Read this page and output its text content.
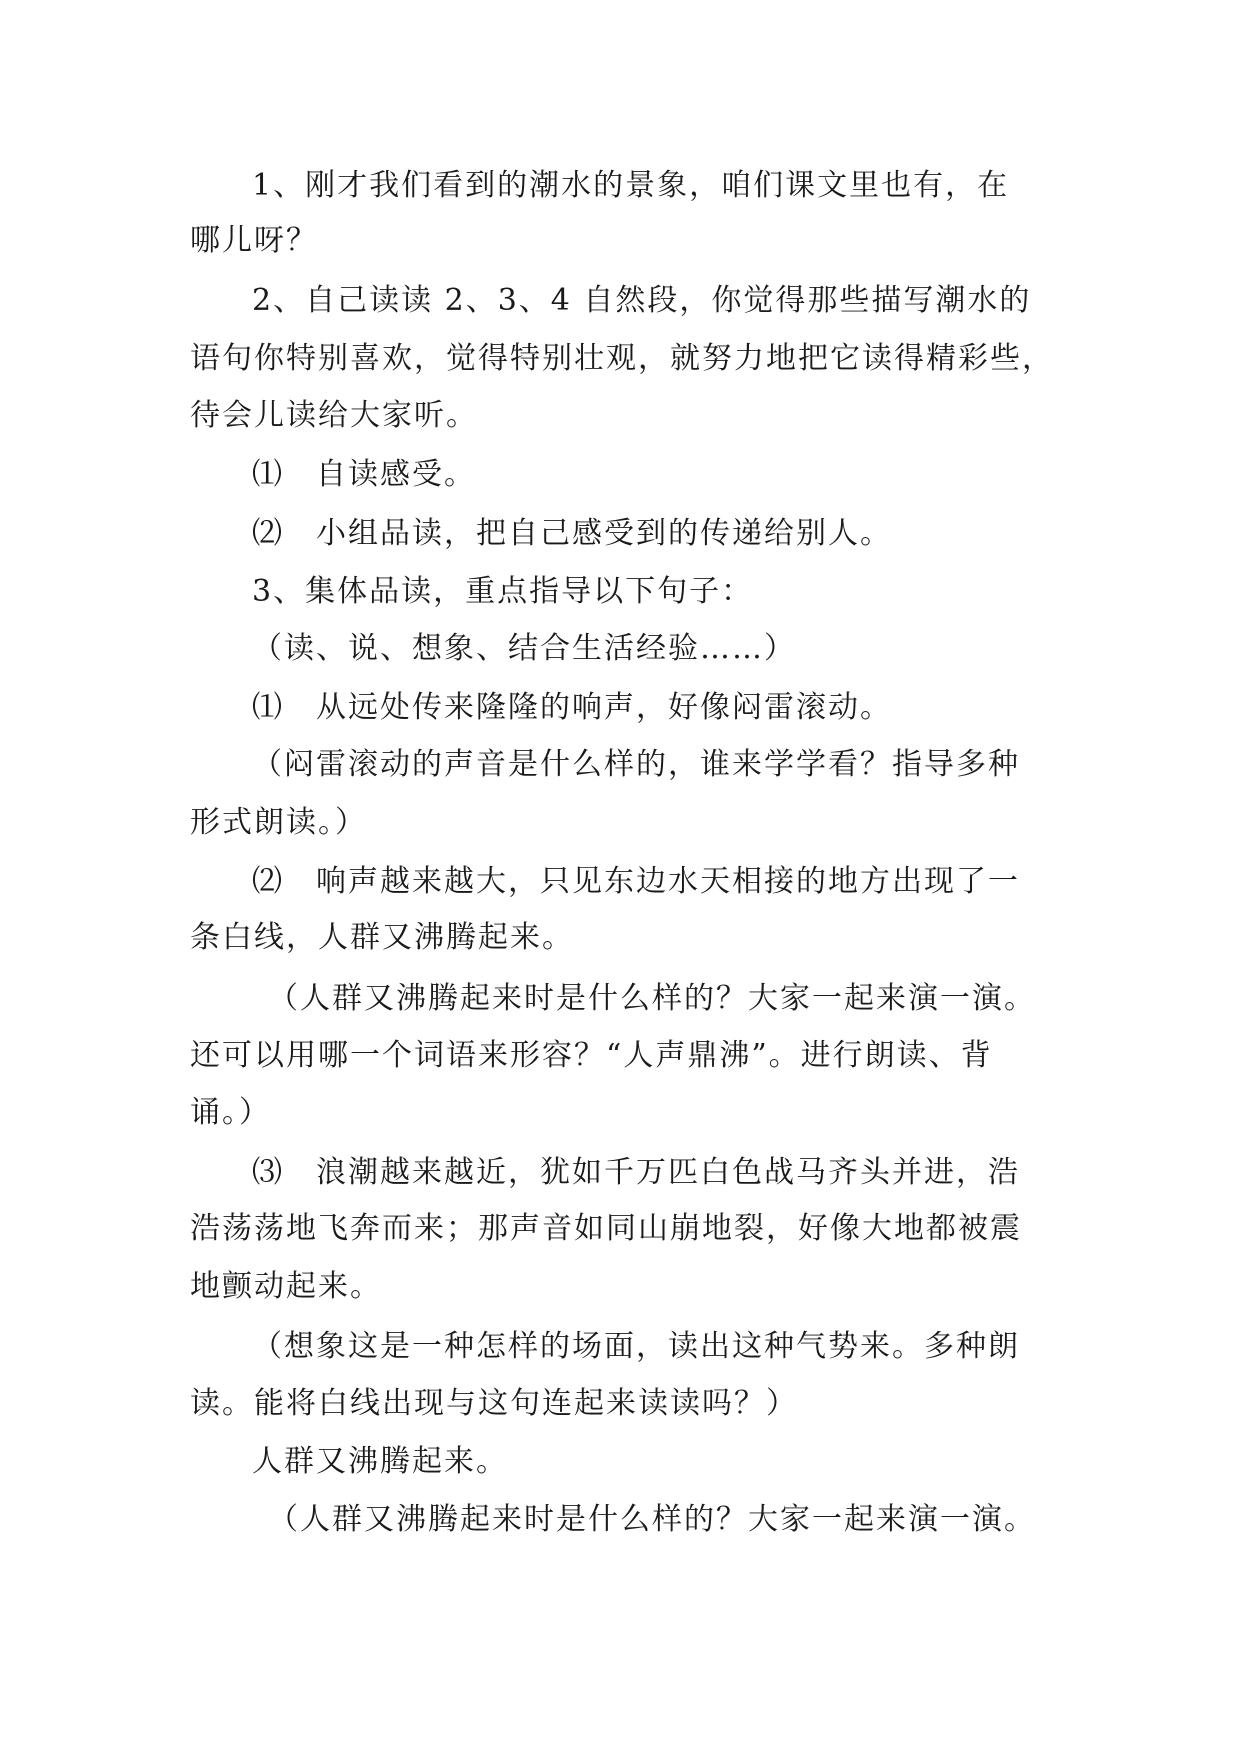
1、刚才我们看到的潮水的景象，咱们课文里也有，在
哪儿呀？
2、自己读读 2、3、4 自然段，你觉得那些描写潮水的
语句你特别喜欢，觉得特别壮观，就努力地把它读得精彩些，
待会儿读给大家听。
⑴　自读感受。
⑵　小组品读，把自己感受到的传递给别人。
3、集体品读，重点指导以下句子：
（读、说、想象、结合生活经验……）
⑴　从远处传来隆隆的响声，好像闷雷滚动。
（闷雷滚动的声音是什么样的，谁来学学看？指导多种
形式朗读。）
⑵　响声越来越大，只见东边水天相接的地方出现了一
条白线，人群又沸腾起来。
（人群又沸腾起来时是什么样的？大家一起来演一演。
还可以用哪一个词语来形容？“人声鼎沸”。进行朗读、背
诵。）
⑶　浪潮越来越近，犹如千万匹白色战马齐头并进，浩
浩荡荡地飞奔而来；那声音如同山崩地裂，好像大地都被震
地颤动起来。
（想象这是一种怎样的场面，读出这种气势来。多种朗
读。能将白线出现与这句连起来读读吗？）
人群又沸腾起来。
（人群又沸腾起来时是什么样的？大家一起来演一演。
